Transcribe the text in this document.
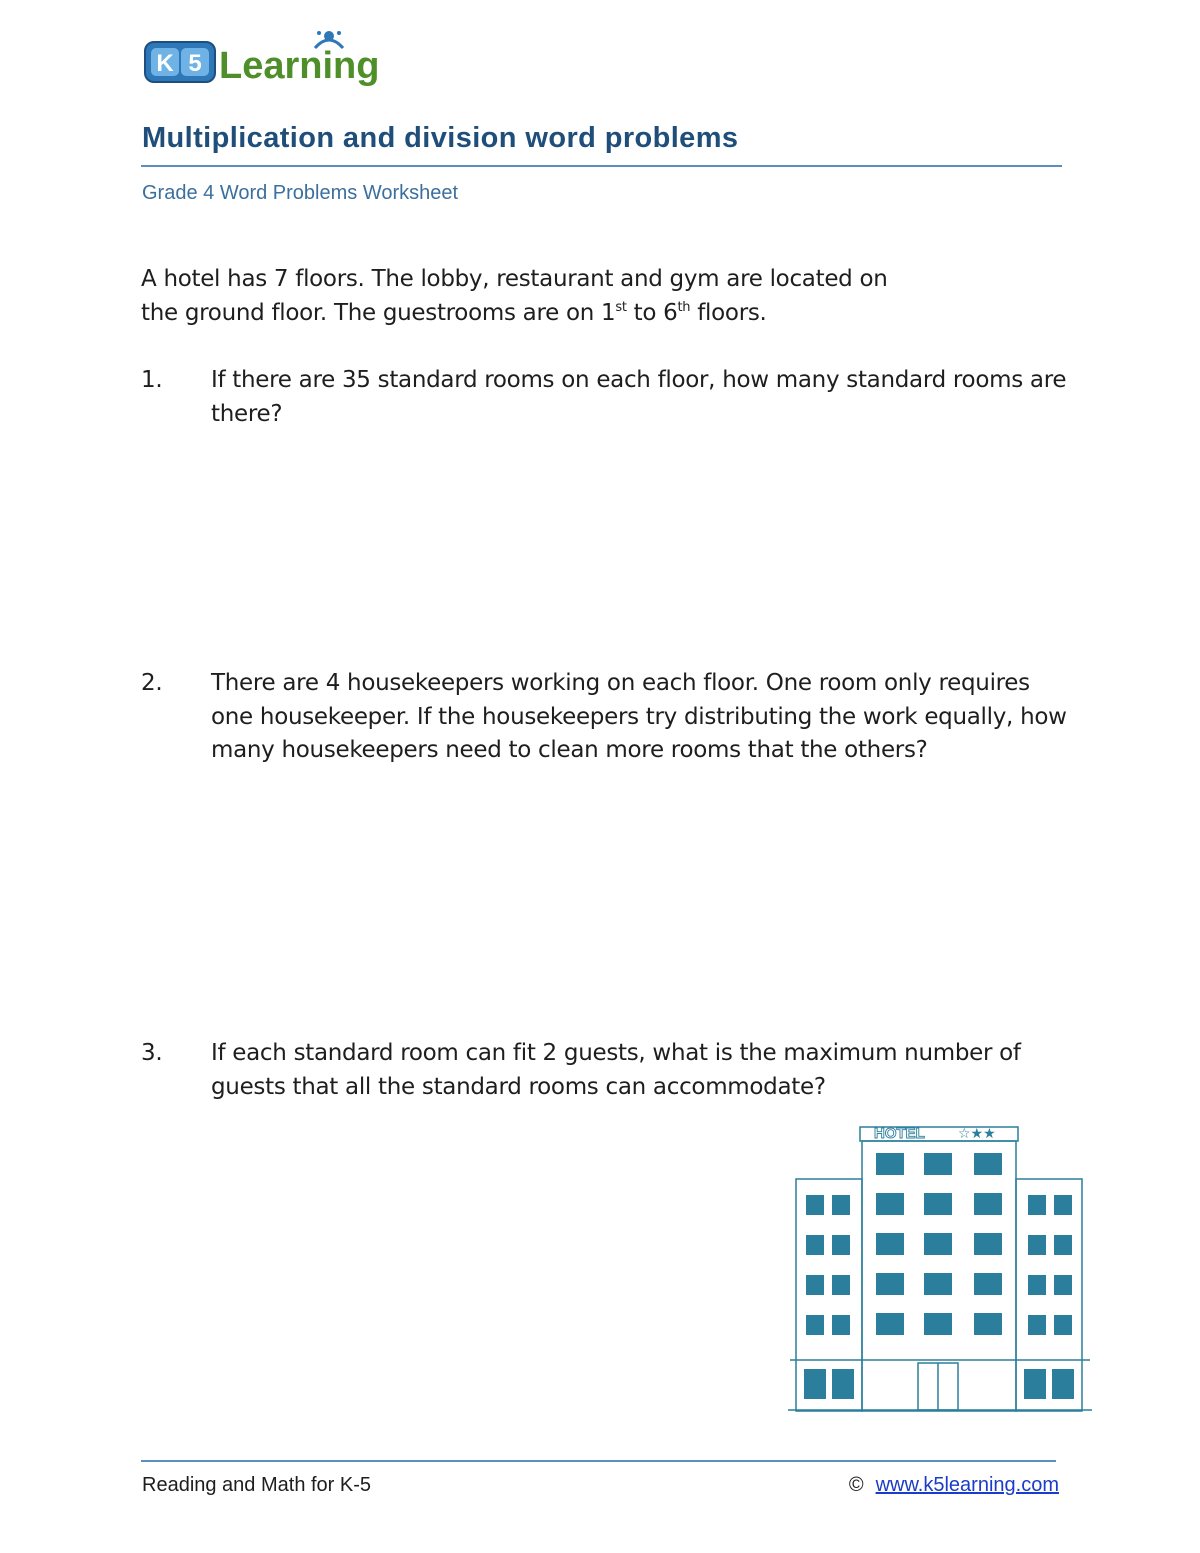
K 5 Learning
Multiplication and division word problems
Grade 4 Word Problems Worksheet
A hotel has 7 floors. The lobby, restaurant and gym are located on
the ground floor. The guestrooms are on 1st to 6th floors.
1. If there are 35 standard rooms on each floor, how many standard rooms are there?
2. There are 4 housekeepers working on each floor. One room only requires one housekeeper. If the housekeepers try distributing the work equally, how many housekeepers need to clean more rooms that the others?
3. If each standard room can fit 2 guests, what is the maximum number of guests that all the standard rooms can accommodate?
HOTEL ☆★★
Reading and Math for K-5	© www.k5learning.com
